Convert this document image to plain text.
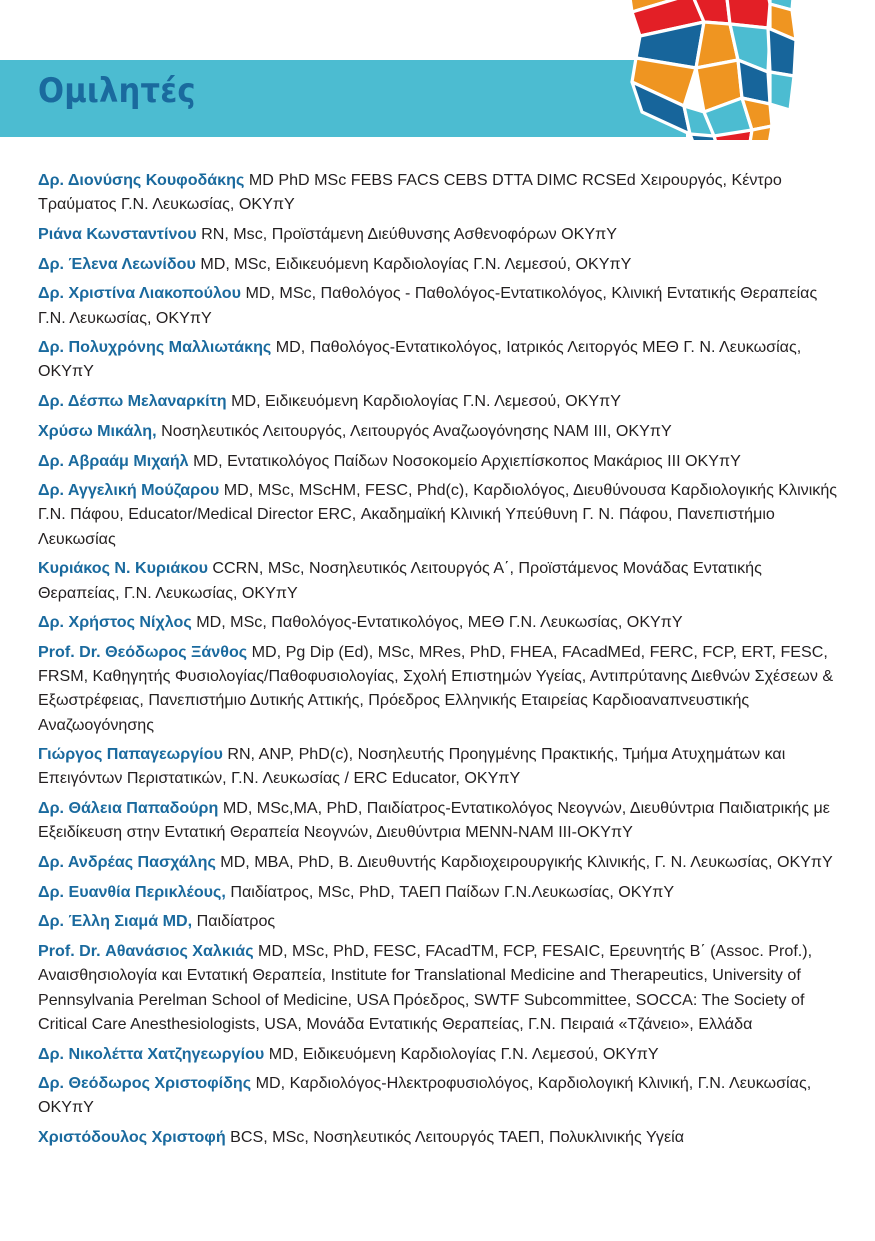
Ομιλητές

Δρ. Διονύσης Κουφοδάκης MD PhD MSc FEBS FACS CEBS DTTA DIMC RCSEd Χειρουργός, Κέντρο Τραύματος Γ.Ν. Λευκωσίας, ΟΚΥπΥ

Ριάνα Κωνσταντίνου RN, Msc, Προϊστάμενη Διεύθυνσης Ασθενοφόρων ΟΚΥπΥ

Δρ. Έλενα Λεωνίδου MD, MSc, Ειδικευόμενη Καρδιολογίας Γ.Ν. Λεμεσού, ΟΚΥπΥ

Δρ. Χριστίνα Λιακοπούλου MD, MSc, Παθολόγος - Παθολόγος-Εντατικολόγος, Κλινική Εντατικής Θεραπείας Γ.Ν. Λευκωσίας, ΟΚΥπΥ

Δρ. Πολυχρόνης Μαλλιωτάκης MD, Παθολόγος-Εντατικολόγος, Ιατρικός Λειτοργός ΜΕΘ Γ. Ν. Λευκωσίας, ΟΚΥπΥ

Δρ. Δέσπω Μελαναρκίτη MD, Ειδικευόμενη Καρδιολογίας Γ.Ν. Λεμεσού, ΟΚΥπΥ

Χρύσω Μικάλη, Νοσηλευτικός Λειτουργός, Λειτουργός Αναζωογόνησης NAM III, ΟΚΥπΥ

Δρ. Αβραάμ Μιχαήλ MD, Εντατικολόγος Παίδων Νοσοκομείο Αρχιεπίσκοπος Μακάριος III ΟΚΥπΥ

Δρ. Αγγελική Μούζαρου MD, MSc, MScHM, FESC, Phd(c), Καρδιολόγος, Διευθύνουσα Καρδιολογικής Κλινικής Γ.Ν. Πάφου, Educator/Medical Director ERC, Ακαδημαϊκή Κλινική Υπεύθυνη Γ. Ν. Πάφου, Πανεπιστήμιο Λευκωσίας

Κυριάκος Ν. Κυριάκου CCRN, MSc, Νοσηλευτικός Λειτουργός Α΄, Προϊστάμενος Μονάδας Εντατικής Θεραπείας, Γ.Ν. Λευκωσίας, ΟΚΥπΥ

Δρ. Χρήστος Νίχλος MD, MSc, Παθολόγος-Εντατικολόγος, ΜΕΘ Γ.Ν. Λευκωσίας, ΟΚΥπΥ

Prof. Dr. Θεόδωρος Ξάνθος MD, Pg Dip (Ed), MSc, MRes, PhD, FHEA, FAcadMEd, FERC, FCP, ERT, FESC, FRSM, Καθηγητής Φυσιολογίας/Παθοφυσιολογίας, Σχολή Επιστημών Υγείας, Αντιπρύτανης Διεθνών Σχέσεων & Εξωστρέφειας, Πανεπιστήμιο Δυτικής Αττικής, Πρόεδρος Ελληνικής Εταιρείας Καρδιοαναπνευστικής Αναζωογόνησης

Γιώργος Παπαγεωργίου RN, ANP, PhD(c), Νοσηλευτής Προηγμένης Πρακτικής, Τμήμα Ατυχημάτων και Επειγόντων Περιστατικών, Γ.Ν. Λευκωσίας / ERC Educator, ΟΚΥπΥ

Δρ. Θάλεια Παπαδούρη MD, MSc,MA, PhD, Παιδίατρος-Εντατικολόγος Νεογνών, Διευθύντρια Παιδιατρικής με Εξειδίκευση στην Εντατική Θεραπεία Νεογνών, Διευθύντρια ΜΕΝΝ-ΝΑΜ III-ΟΚΥπΥ

Δρ. Ανδρέας Πασχάλης MD, MBA, PhD, Β. Διευθυντής Καρδιοχειρουργικής Κλινικής, Γ. Ν. Λευκωσίας, ΟΚΥπΥ

Δρ. Ευανθία Περικλέους, Παιδίατρος, MSc, PhD, ΤΑΕΠ Παίδων Γ.Ν.Λευκωσίας, ΟΚΥπΥ

Δρ. Έλλη Σιαμά MD, Παιδίατρος

Prof. Dr. Αθανάσιος Χαλκιάς MD, MSc, PhD, FESC, FAcadTM, FCP, FESAIC, Ερευνητής Β΄ (Assoc. Prof.), Αναισθησιολογία και Εντατική Θεραπεία, Institute for Translational Medicine and Therapeutics, University of Pennsylvania Perelman School of Medicine, USA Πρόεδρος, SWTF Subcommittee, SOCCA: The Society of Critical Care Anesthesiologists, USA, Μονάδα Εντατικής Θεραπείας, Γ.Ν. Πειραιά «Τζάνειο», Ελλάδα

Δρ. Νικολέττα Χατζηγεωργίου MD, Ειδικευόμενη Καρδιολογίας Γ.Ν. Λεμεσού, ΟΚΥπΥ

Δρ. Θεόδωρος Χριστοφίδης MD, Καρδιολόγος-Ηλεκτροφυσιολόγος, Καρδιολογική Κλινική, Γ.Ν. Λευκωσίας, ΟΚΥπΥ

Χριστόδουλος Χριστοφή BCS, MSc, Νοσηλευτικός Λειτουργός ΤΑΕΠ, Πολυκλινικής Υγεία
